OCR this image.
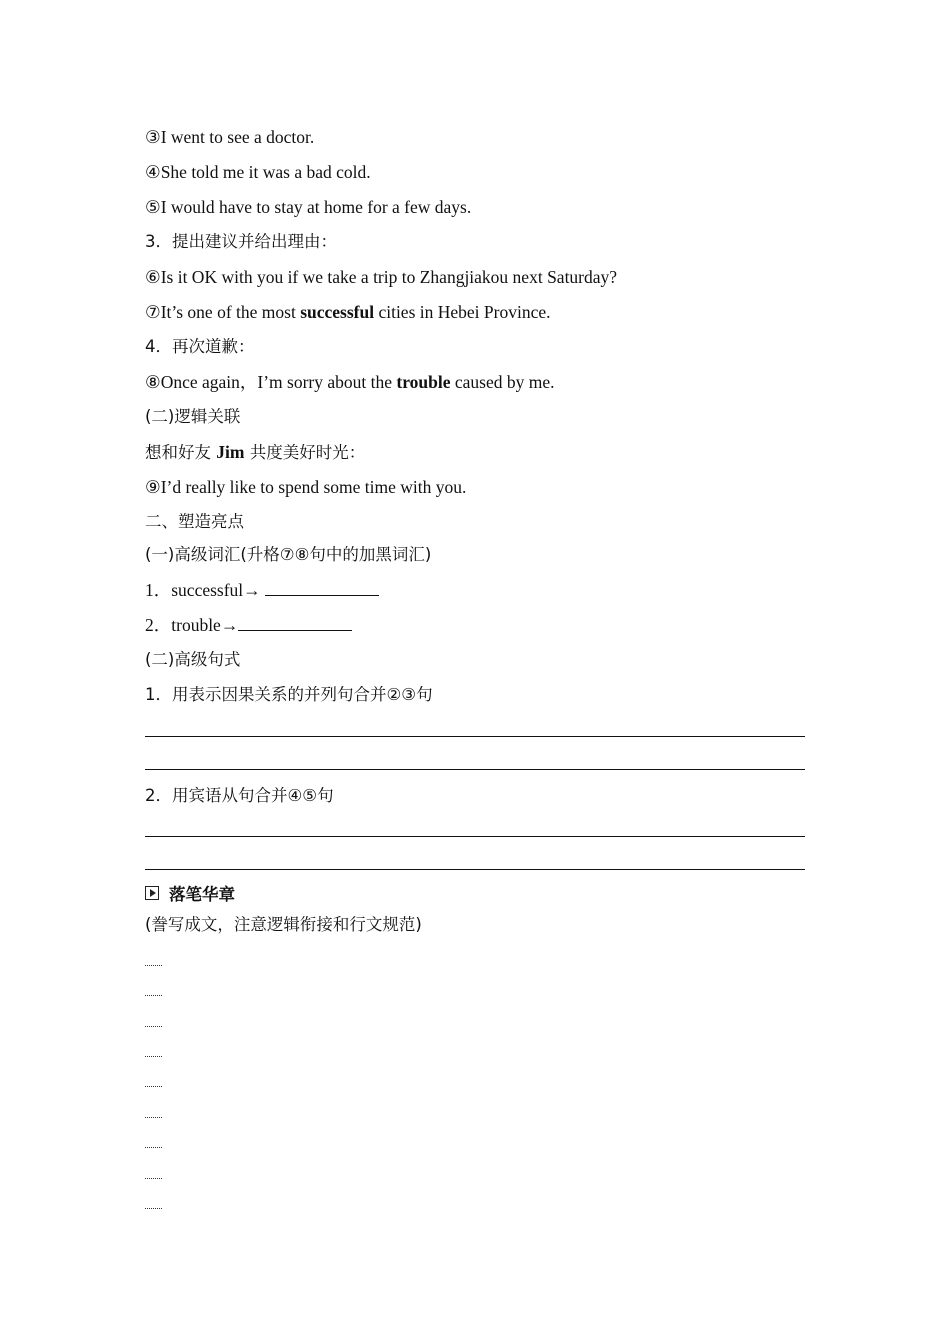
③I went to see a doctor.
④She told me it was a bad cold.
⑤I would have to stay at home for a few days.
3．提出建议并给出理由：
⑥Is it OK with you if we take a trip to Zhangjiakou next Saturday?
⑦It’s one of the most successful cities in Hebei Province.
4．再次道歉：
⑧Once again，I’m sorry about the trouble caused by me.
(二)逻辑关联
想和好友 Jim 共度美好时光：
⑨I’d really like to spend some time with you.
二、塑造亮点
(一)高级词汇(升格⑦⑧句中的加黑词汇)
1．successful→
2．trouble→
(二)高级句式
1．用表示因果关系的并列句合并②③句
2．用宾语从句合并④⑤句
落笔华章
(誊写成文，注意逻辑衔接和行文规范)
